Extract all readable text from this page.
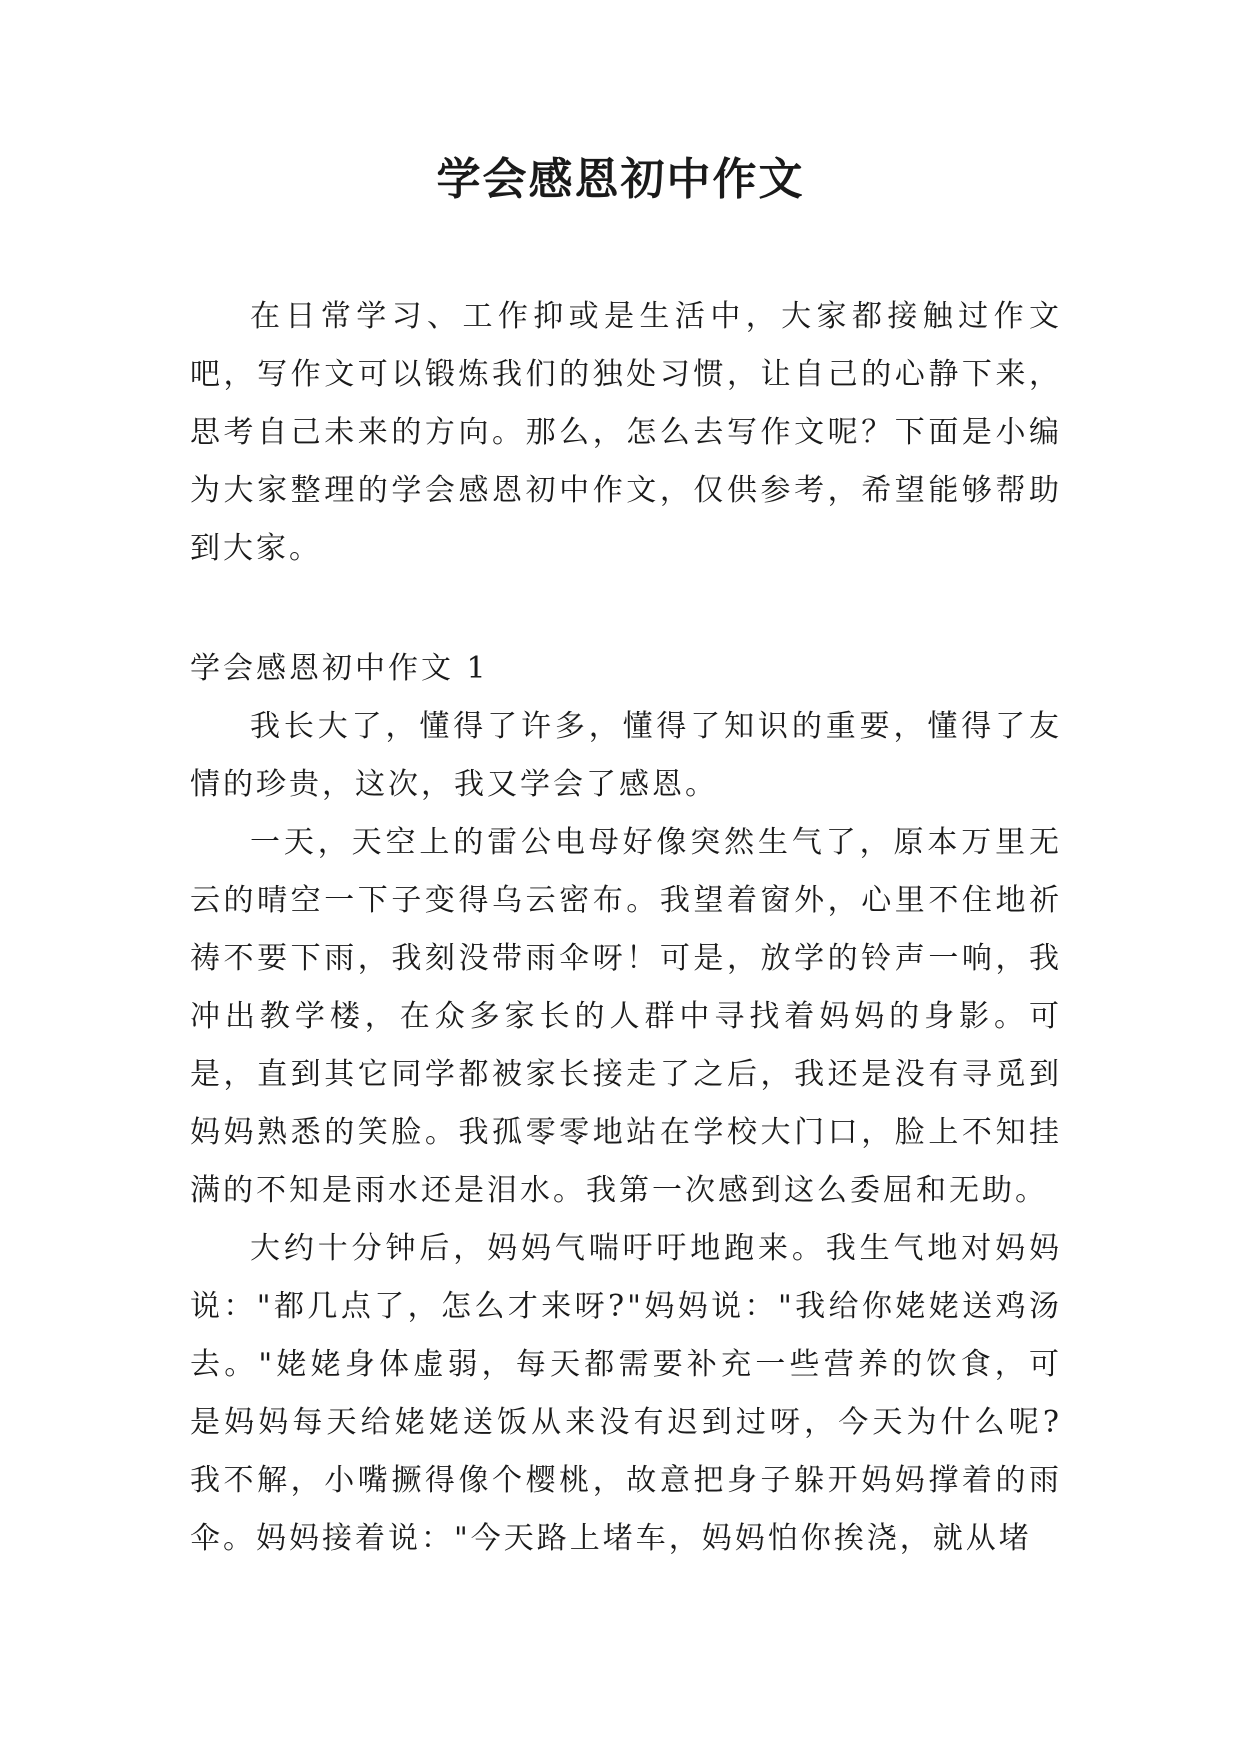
学会感恩初中作文

在日常学习、工作抑或是生活中，大家都接触过作文吧，写作文可以锻炼我们的独处习惯，让自己的心静下来，思考自己未来的方向。那么，怎么去写作文呢？下面是小编为大家整理的学会感恩初中作文，仅供参考，希望能够帮助到大家。

学会感恩初中作文 1

我长大了，懂得了许多，懂得了知识的重要，懂得了友情的珍贵，这次，我又学会了感恩。

一天，天空上的雷公电母好像突然生气了，原本万里无云的晴空一下子变得乌云密布。我望着窗外，心里不住地祈祷不要下雨，我刻没带雨伞呀！可是，放学的铃声一响，我冲出教学楼，在众多家长的人群中寻找着妈妈的身影。可是，直到其它同学都被家长接走了之后，我还是没有寻觅到妈妈熟悉的笑脸。我孤零零地站在学校大门口，脸上不知挂满的不知是雨水还是泪水。我第一次感到这么委屈和无助。

大约十分钟后，妈妈气喘吁吁地跑来。我生气地对妈妈说："都几点了，怎么才来呀?"妈妈说："我给你姥姥送鸡汤去。"姥姥身体虚弱，每天都需要补充一些营养的饮食，可是妈妈每天给姥姥送饭从来没有迟到过呀，今天为什么呢?我不解，小嘴撅得像个樱桃，故意把身子躲开妈妈撑着的雨伞。妈妈接着说："今天路上堵车，妈妈怕你挨浇，就从堵
